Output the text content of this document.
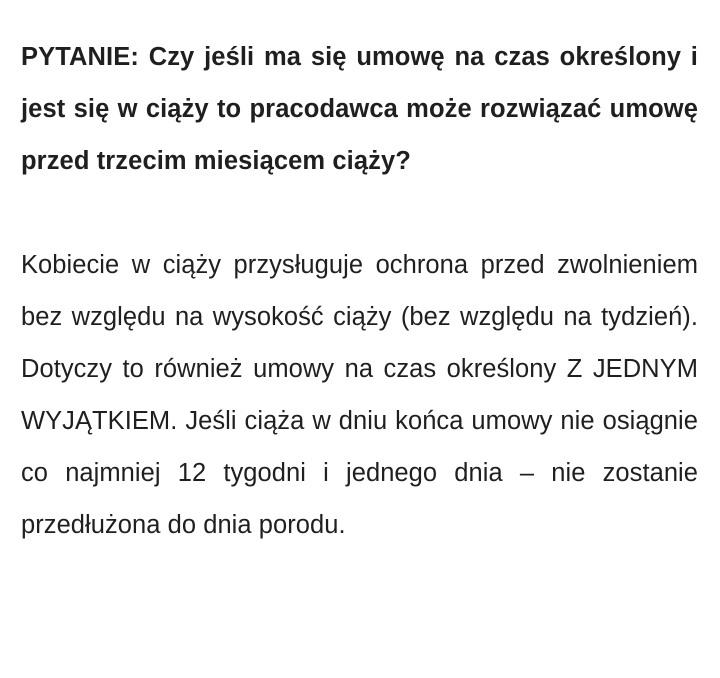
PYTANIE: Czy jeśli ma się umowę na czas określony i jest się w ciąży to pracodawca może rozwiązać umowę przed trzecim miesiącem ciąży?

Kobiecie w ciąży przysługuje ochrona przed zwolnieniem bez względu na wysokość ciąży (bez względu na tydzień). Dotyczy to również umowy na czas określony Z JEDNYM WYJĄTKIEM. Jeśli ciąża w dniu końca umowy nie osiągnie co najmniej 12 tygodni i jednego dnia – nie zostanie przedłużona do dnia porodu.
